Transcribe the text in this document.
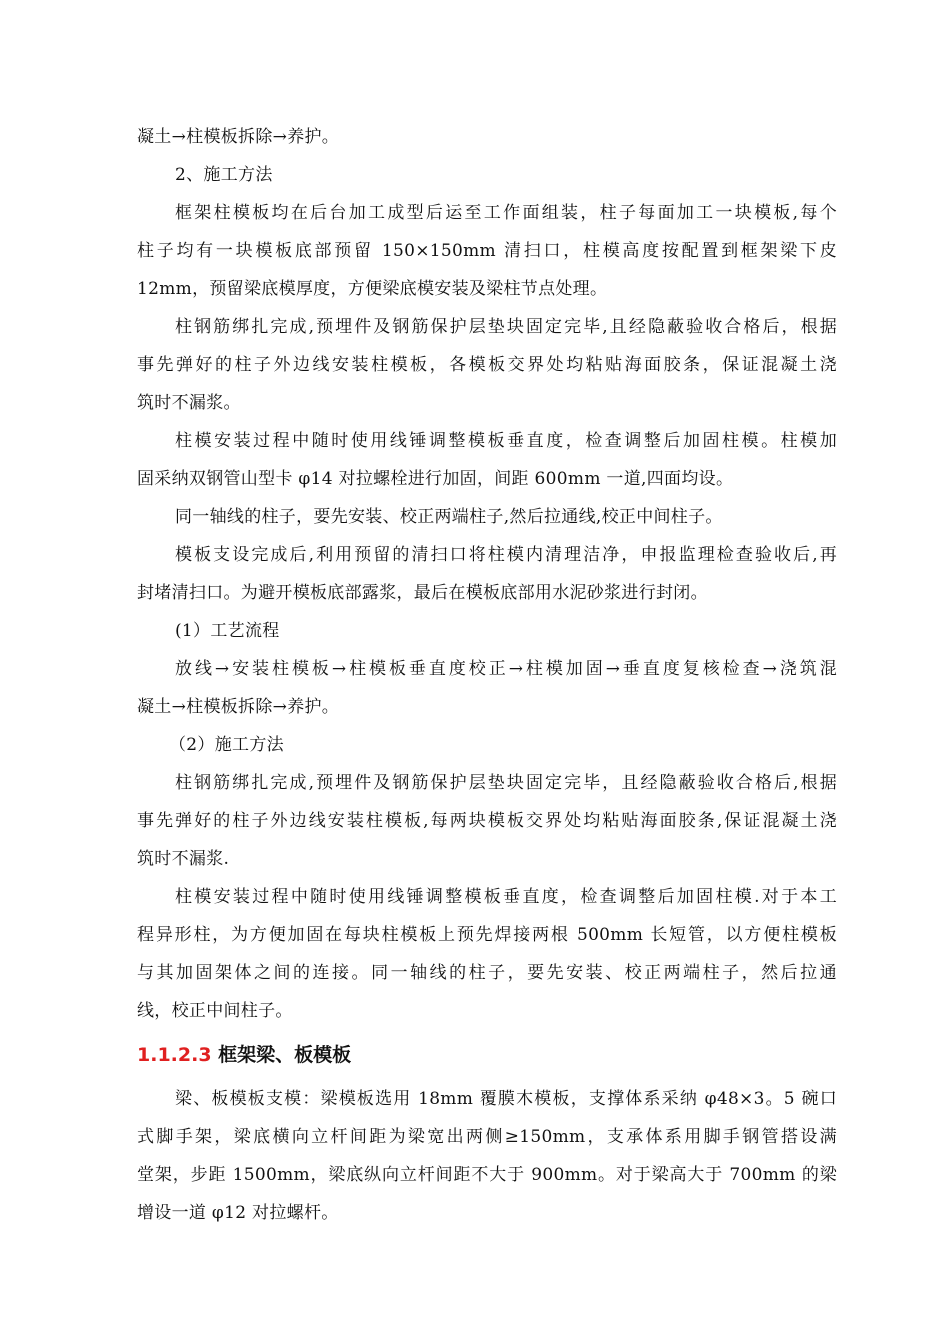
凝土→柱模板拆除→养护。
2、施工方法
框架柱模板均在后台加工成型后运至工作面组装，柱子每面加工一块模板,每个
柱子均有一块模板底部预留 150×150mm 清扫口，柱模高度按配置到框架梁下皮
12mm，预留梁底模厚度，方便梁底模安装及梁柱节点处理。
柱钢筋绑扎完成,预埋件及钢筋保护层垫块固定完毕,且经隐蔽验收合格后，根据
事先弹好的柱子外边线安装柱模板，各模板交界处均粘贴海面胶条，保证混凝土浇
筑时不漏浆。
柱模安装过程中随时使用线锤调整模板垂直度，检查调整后加固柱模。柱模加
固采纳双钢管山型卡 φ14 对拉螺栓进行加固，间距 600mm 一道,四面均设。
同一轴线的柱子，要先安装、校正两端柱子,然后拉通线,校正中间柱子。
模板支设完成后,利用预留的清扫口将柱模内清理洁净，申报监理检查验收后,再
封堵清扫口。为避开模板底部露浆，最后在模板底部用水泥砂浆进行封闭。
(1）工艺流程
放线→安装柱模板→柱模板垂直度校正→柱模加固→垂直度复核检查→浇筑混
凝土→柱模板拆除→养护。
（2）施工方法
柱钢筋绑扎完成,预埋件及钢筋保护层垫块固定完毕，且经隐蔽验收合格后,根据
事先弹好的柱子外边线安装柱模板,每两块模板交界处均粘贴海面胶条,保证混凝土浇
筑时不漏浆.
柱模安装过程中随时使用线锤调整模板垂直度，检查调整后加固柱模.对于本工
程异形柱，为方便加固在每块柱模板上预先焊接两根 500mm 长短管，以方便柱模板
与其加固架体之间的连接。同一轴线的柱子，要先安装、校正两端柱子，然后拉通
线，校正中间柱子。
1.1.2.3 框架梁、板模板
梁、板模板支模：梁模板选用 18mm 覆膜木模板，支撑体系采纳 φ48×3。5 碗口
式脚手架，梁底横向立杆间距为梁宽出两侧≥150mm，支承体系用脚手钢管搭设满
堂架，步距 1500mm，梁底纵向立杆间距不大于 900mm。对于梁高大于 700mm 的梁
增设一道 φ12 对拉螺杆。
